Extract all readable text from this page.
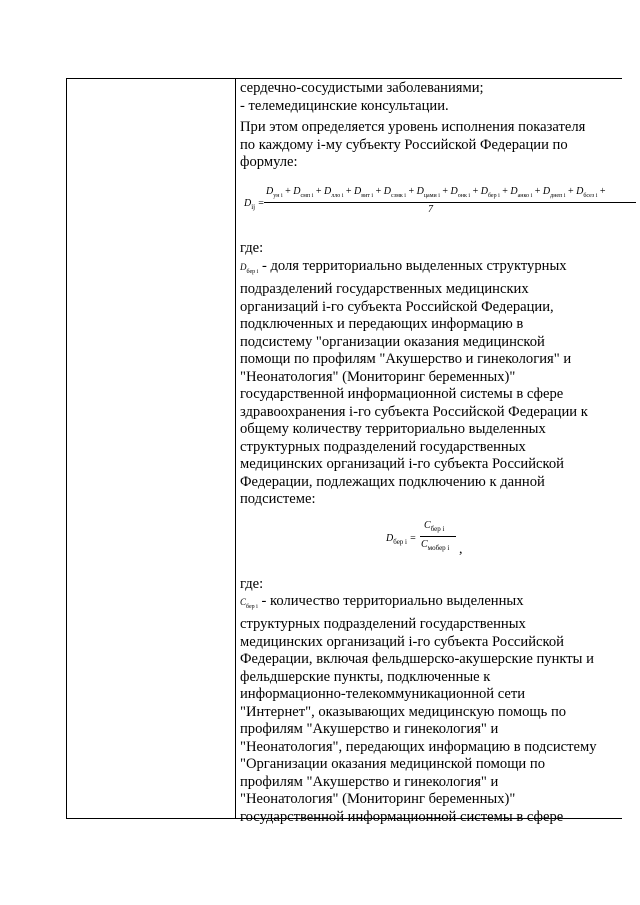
сердечно-сосудистыми заболеваниями;

- телемедицинские консультации.

При этом определяется уровень исполнения показателя

по каждому i-му субъекту Российской Федерации по

формуле:

$D_{ij}$ =
$D_{ун i} + D_{смп i} + D_{лло i} + D_{вит i} + D_{сзмк i} + D_{цами i} + D_{онк i} + D_{бер i} + D_{анко i} + D_{днеп i} + D_{бсез i}$ +
7
где:

$D_{бер i}$ - доля территориально выделенных структурных

подразделений государственных медицинских

организаций i-го субъекта Российской Федерации,

подключенных и передающих информацию в

подсистему "организации оказания медицинской

помощи по профилям "Акушерство и гинекология" и

"Неонатология" (Мониторинг беременных)"

государственной информационной системы в сфере

здравоохранения i-го субъекта Российской Федерации к

общему количеству территориально выделенных

структурных подразделений государственных

медицинских организаций i-го субъекта Российской

Федерации, подлежащих подключению к данной

подсистеме:

$D_{бер i}$ =
$C_{бер i}$
$C_{мобер i}$ ,
где:

$C_{бер i}$ - количество территориально выделенных

структурных подразделений государственных

медицинских организаций i-го субъекта Российской

Федерации, включая фельдшерско-акушерские пункты и

фельдшерские пункты, подключенные к

информационно-телекоммуникационной сети

"Интернет", оказывающих медицинскую помощь по

профилям "Акушерство и гинекология" и

"Неонатология", передающих информацию в подсистему

"Организации оказания медицинской помощи по

профилям "Акушерство и гинекология" и

"Неонатология" (Мониторинг беременных)"

государственной информационной системы в сфере
